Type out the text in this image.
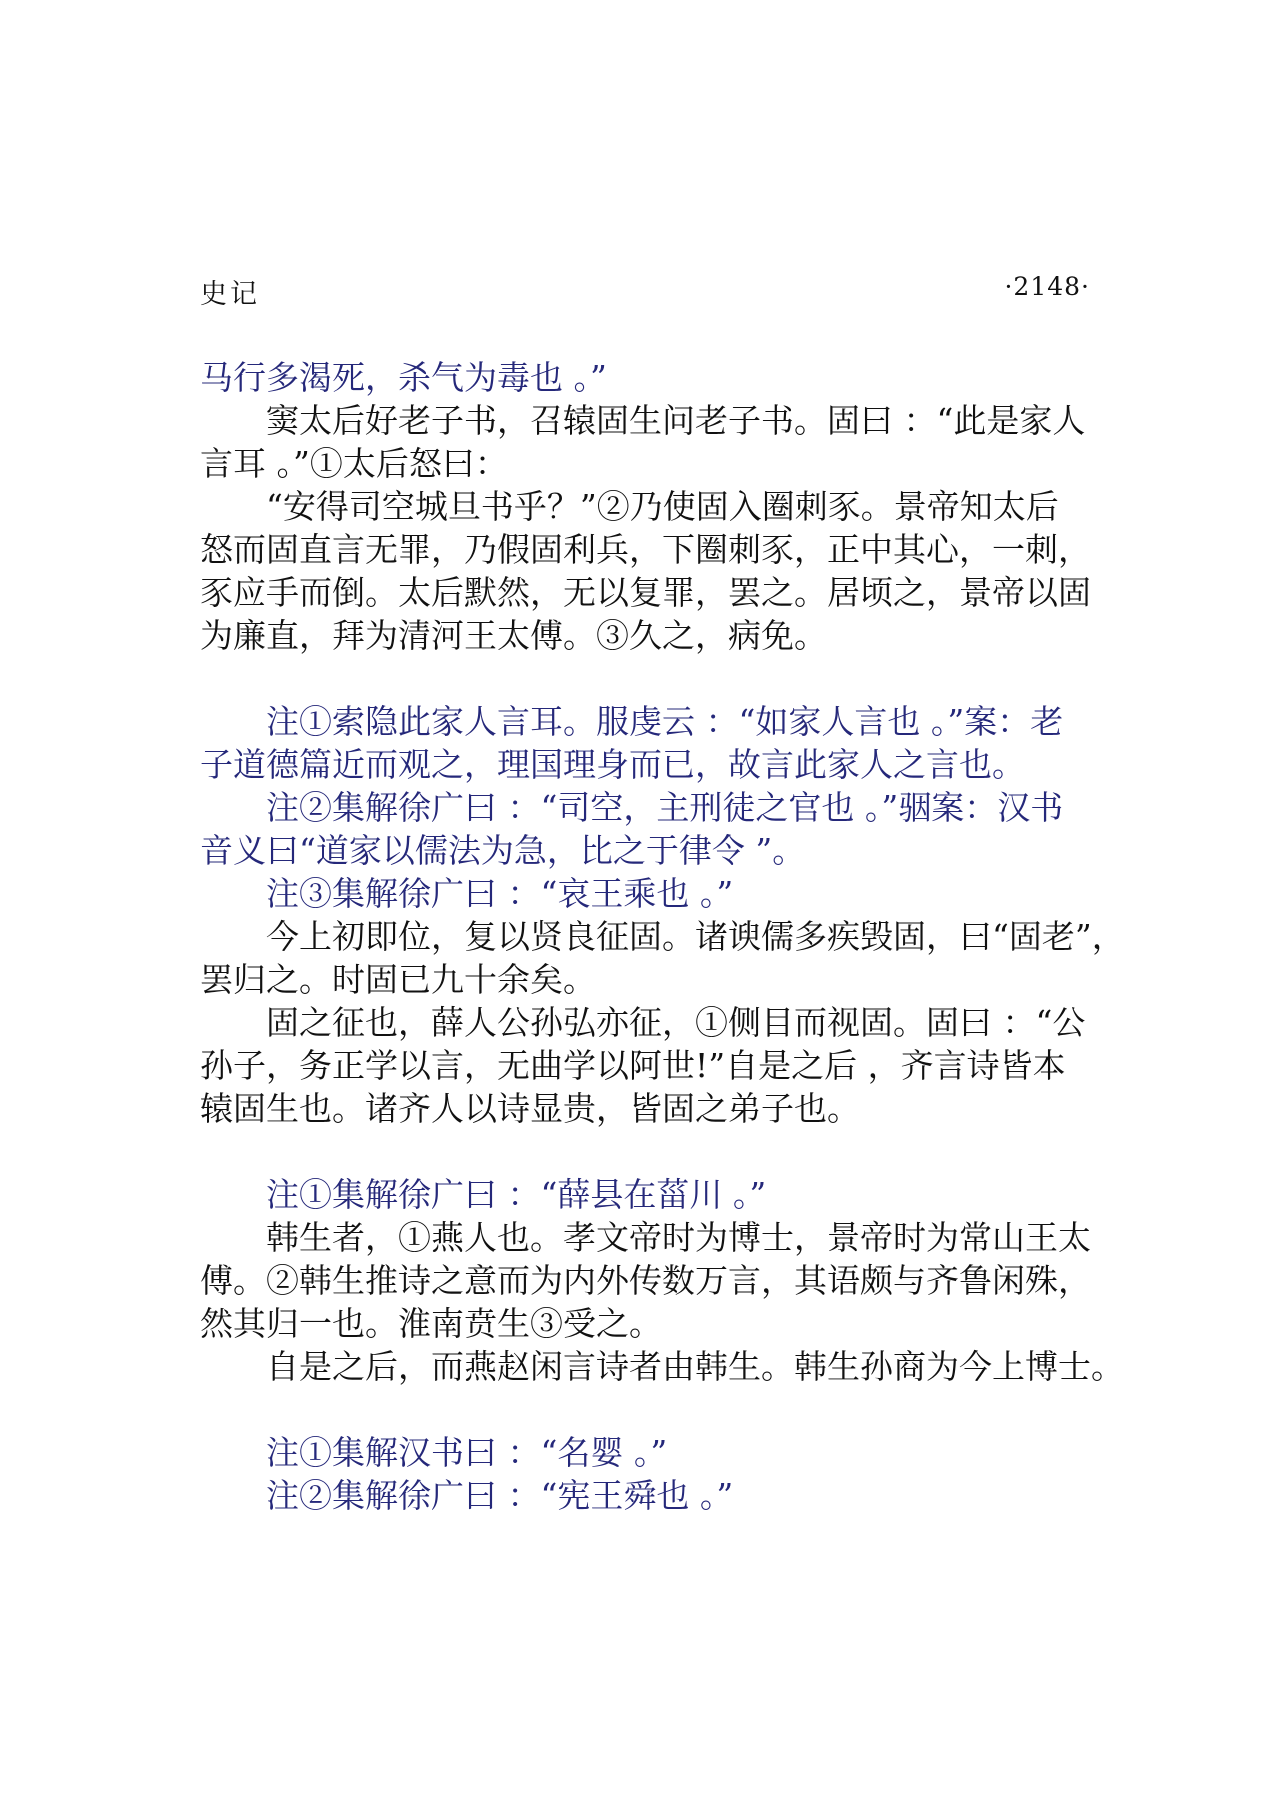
史记	·2148·
马行多渴死，杀气为毒也 。”
窦太后好老子书，召辕固生问老子书。固曰 ：“此是家人
言耳 。”①太后怒曰：
“安得司空城旦书乎？”②乃使固入圈刺豕。景帝知太后
怒而固直言无罪，乃假固利兵，下圈刺豕，正中其心，一刺，
豕应手而倒。太后默然，无以复罪，罢之。居顷之，景帝以固
为廉直，拜为清河王太傅。③久之，病免。
注①索隐此家人言耳。服虔云 ：“如家人言也 。”案：老
子道德篇近而观之，理国理身而已，故言此家人之言也。
注②集解徐广曰 ：“司空，主刑徒之官也 。”骃案：汉书
音义曰“道家以儒法为急，比之于律令 ”。
注③集解徐广曰 ：“哀王乘也 。”
今上初即位，复以贤良征固。诸谀儒多疾毁固，曰“固老”，
罢归之。时固已九十余矣。
固之征也，薛人公孙弘亦征，①侧目而视固。固曰 ：“公
孙子，务正学以言，无曲学以阿世!”自是之后 ，齐言诗皆本
辕固生也。诸齐人以诗显贵，皆固之弟子也。
注①集解徐广曰 ：“薛县在菑川 。”
韩生者，①燕人也。孝文帝时为博士，景帝时为常山王太
傅。②韩生推诗之意而为内外传数万言，其语颇与齐鲁闲殊，
然其归一也。淮南贲生③受之。
自是之后，而燕赵闲言诗者由韩生。韩生孙商为今上博士。
注①集解汉书曰 ：“名婴 。”
注②集解徐广曰 ：“宪王舜也 。”
